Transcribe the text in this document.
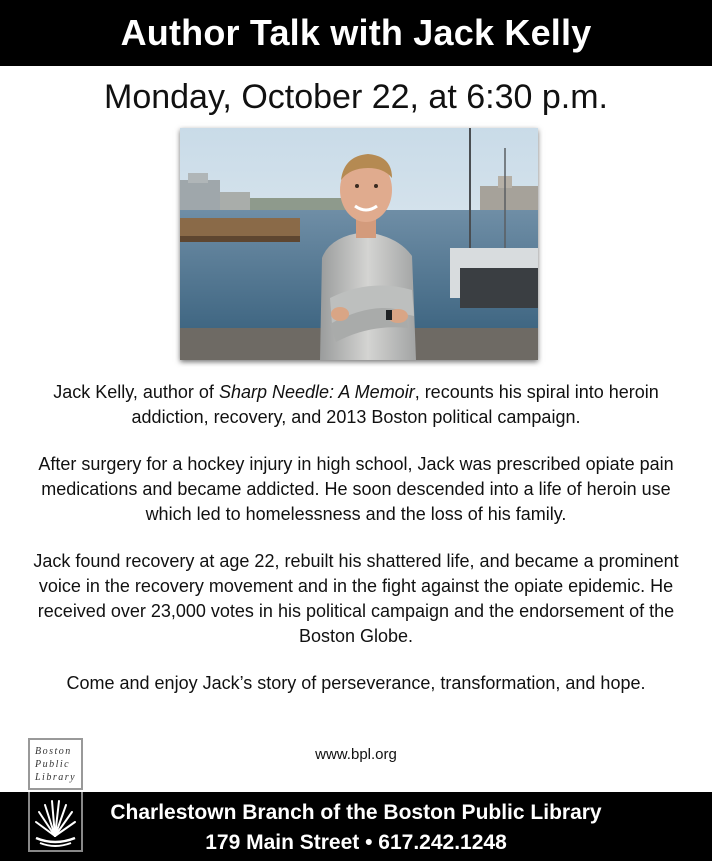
Author Talk with Jack Kelly
Monday, October 22, at 6:30 p.m.

Jack Kelly, author of Sharp Needle: A Memoir, recounts his spiral into heroin addiction, recovery, and 2013 Boston political campaign.

After surgery for a hockey injury in high school, Jack was prescribed opiate pain medications and became addicted. He soon descended into a life of heroin use which led to homelessness and the loss of his family.

Jack found recovery at age 22, rebuilt his shattered life, and became a prominent voice in the recovery movement and in the fight against the opiate epidemic. He received over 23,000 votes in his political campaign and the endorsement of the Boston Globe.

Come and enjoy Jack’s story of perseverance, transformation, and hope.

www.bpl.org
Charlestown Branch of the Boston Public Library
179 Main Street • 617.242.1248
Boston
Public
Library
